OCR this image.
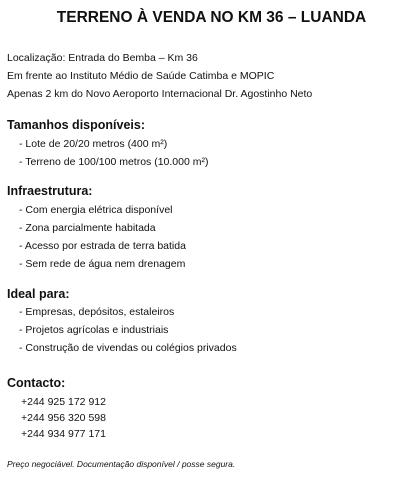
TERRENO À VENDA NO KM 36 – LUANDA
Localização: Entrada do Bemba – Km 36
Em frente ao Instituto Médio de Saúde Catimba e MOPIC
Apenas 2 km do Novo Aeroporto Internacional Dr. Agostinho Neto
Tamanhos disponíveis:
- Lote de 20/20 metros (400 m²)
- Terreno de 100/100 metros (10.000 m²)
Infraestrutura:
- Com energia elétrica disponível
- Zona parcialmente habitada
- Acesso por estrada de terra batida
- Sem rede de água nem drenagem
Ideal para:
- Empresas, depósitos, estaleiros
- Projetos agrícolas e industriais
- Construção de vivendas ou colégios privados
Contacto:
+244 925 172 912
+244 956 320 598
+244 934 977 171
Preço negociável. Documentação disponível / posse segura.
